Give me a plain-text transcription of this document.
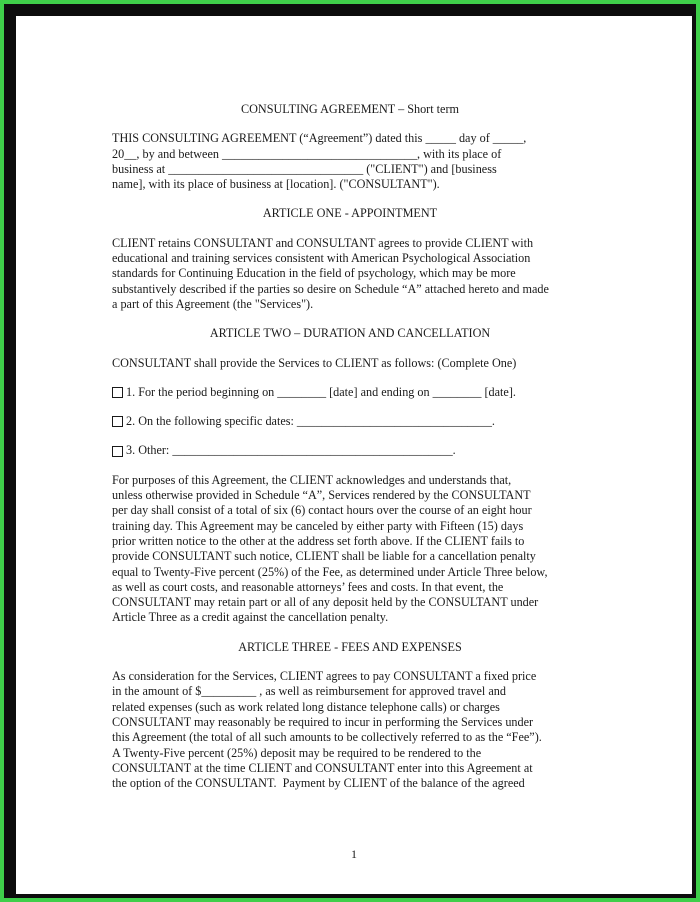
CONSULTING AGREEMENT – Short term

THIS CONSULTING AGREEMENT (“Agreement”) dated this _____ day of _____,
20__, by and between ________________________________, with its place of
business at ________________________________ ("CLIENT") and [business
name], with its place of business at [location]. ("CONSULTANT").

ARTICLE ONE - APPOINTMENT

CLIENT retains CONSULTANT and CONSULTANT agrees to provide CLIENT with
educational and training services consistent with American Psychological Association
standards for Continuing Education in the field of psychology, which may be more
substantively described if the parties so desire on Schedule “A” attached hereto and made
a part of this Agreement (the "Services").

ARTICLE TWO – DURATION AND CANCELLATION

CONSULTANT shall provide the Services to CLIENT as follows: (Complete One)

1. For the period beginning on ________ [date] and ending on ________ [date].

2. On the following specific dates: ________________________________.

3. Other: ______________________________________________.

For purposes of this Agreement, the CLIENT acknowledges and understands that,
unless otherwise provided in Schedule “A”, Services rendered by the CONSULTANT
per day shall consist of a total of six (6) contact hours over the course of an eight hour
training day. This Agreement may be canceled by either party with Fifteen (15) days
prior written notice to the other at the address set forth above. If the CLIENT fails to
provide CONSULTANT such notice, CLIENT shall be liable for a cancellation penalty
equal to Twenty-Five percent (25%) of the Fee, as determined under Article Three below,
as well as court costs, and reasonable attorneys’ fees and costs. In that event, the
CONSULTANT may retain part or all of any deposit held by the CONSULTANT under
Article Three as a credit against the cancellation penalty.

ARTICLE THREE - FEES AND EXPENSES

As consideration for the Services, CLIENT agrees to pay CONSULTANT a fixed price
in the amount of $_________ , as well as reimbursement for approved travel and
related expenses (such as work related long distance telephone calls) or charges
CONSULTANT may reasonably be required to incur in performing the Services under
this Agreement (the total of all such amounts to be collectively referred to as the “Fee”).
A Twenty-Five percent (25%) deposit may be required to be rendered to the
CONSULTANT at the time CLIENT and CONSULTANT enter into this Agreement at
the option of the CONSULTANT.  Payment by CLIENT of the balance of the agreed

1
